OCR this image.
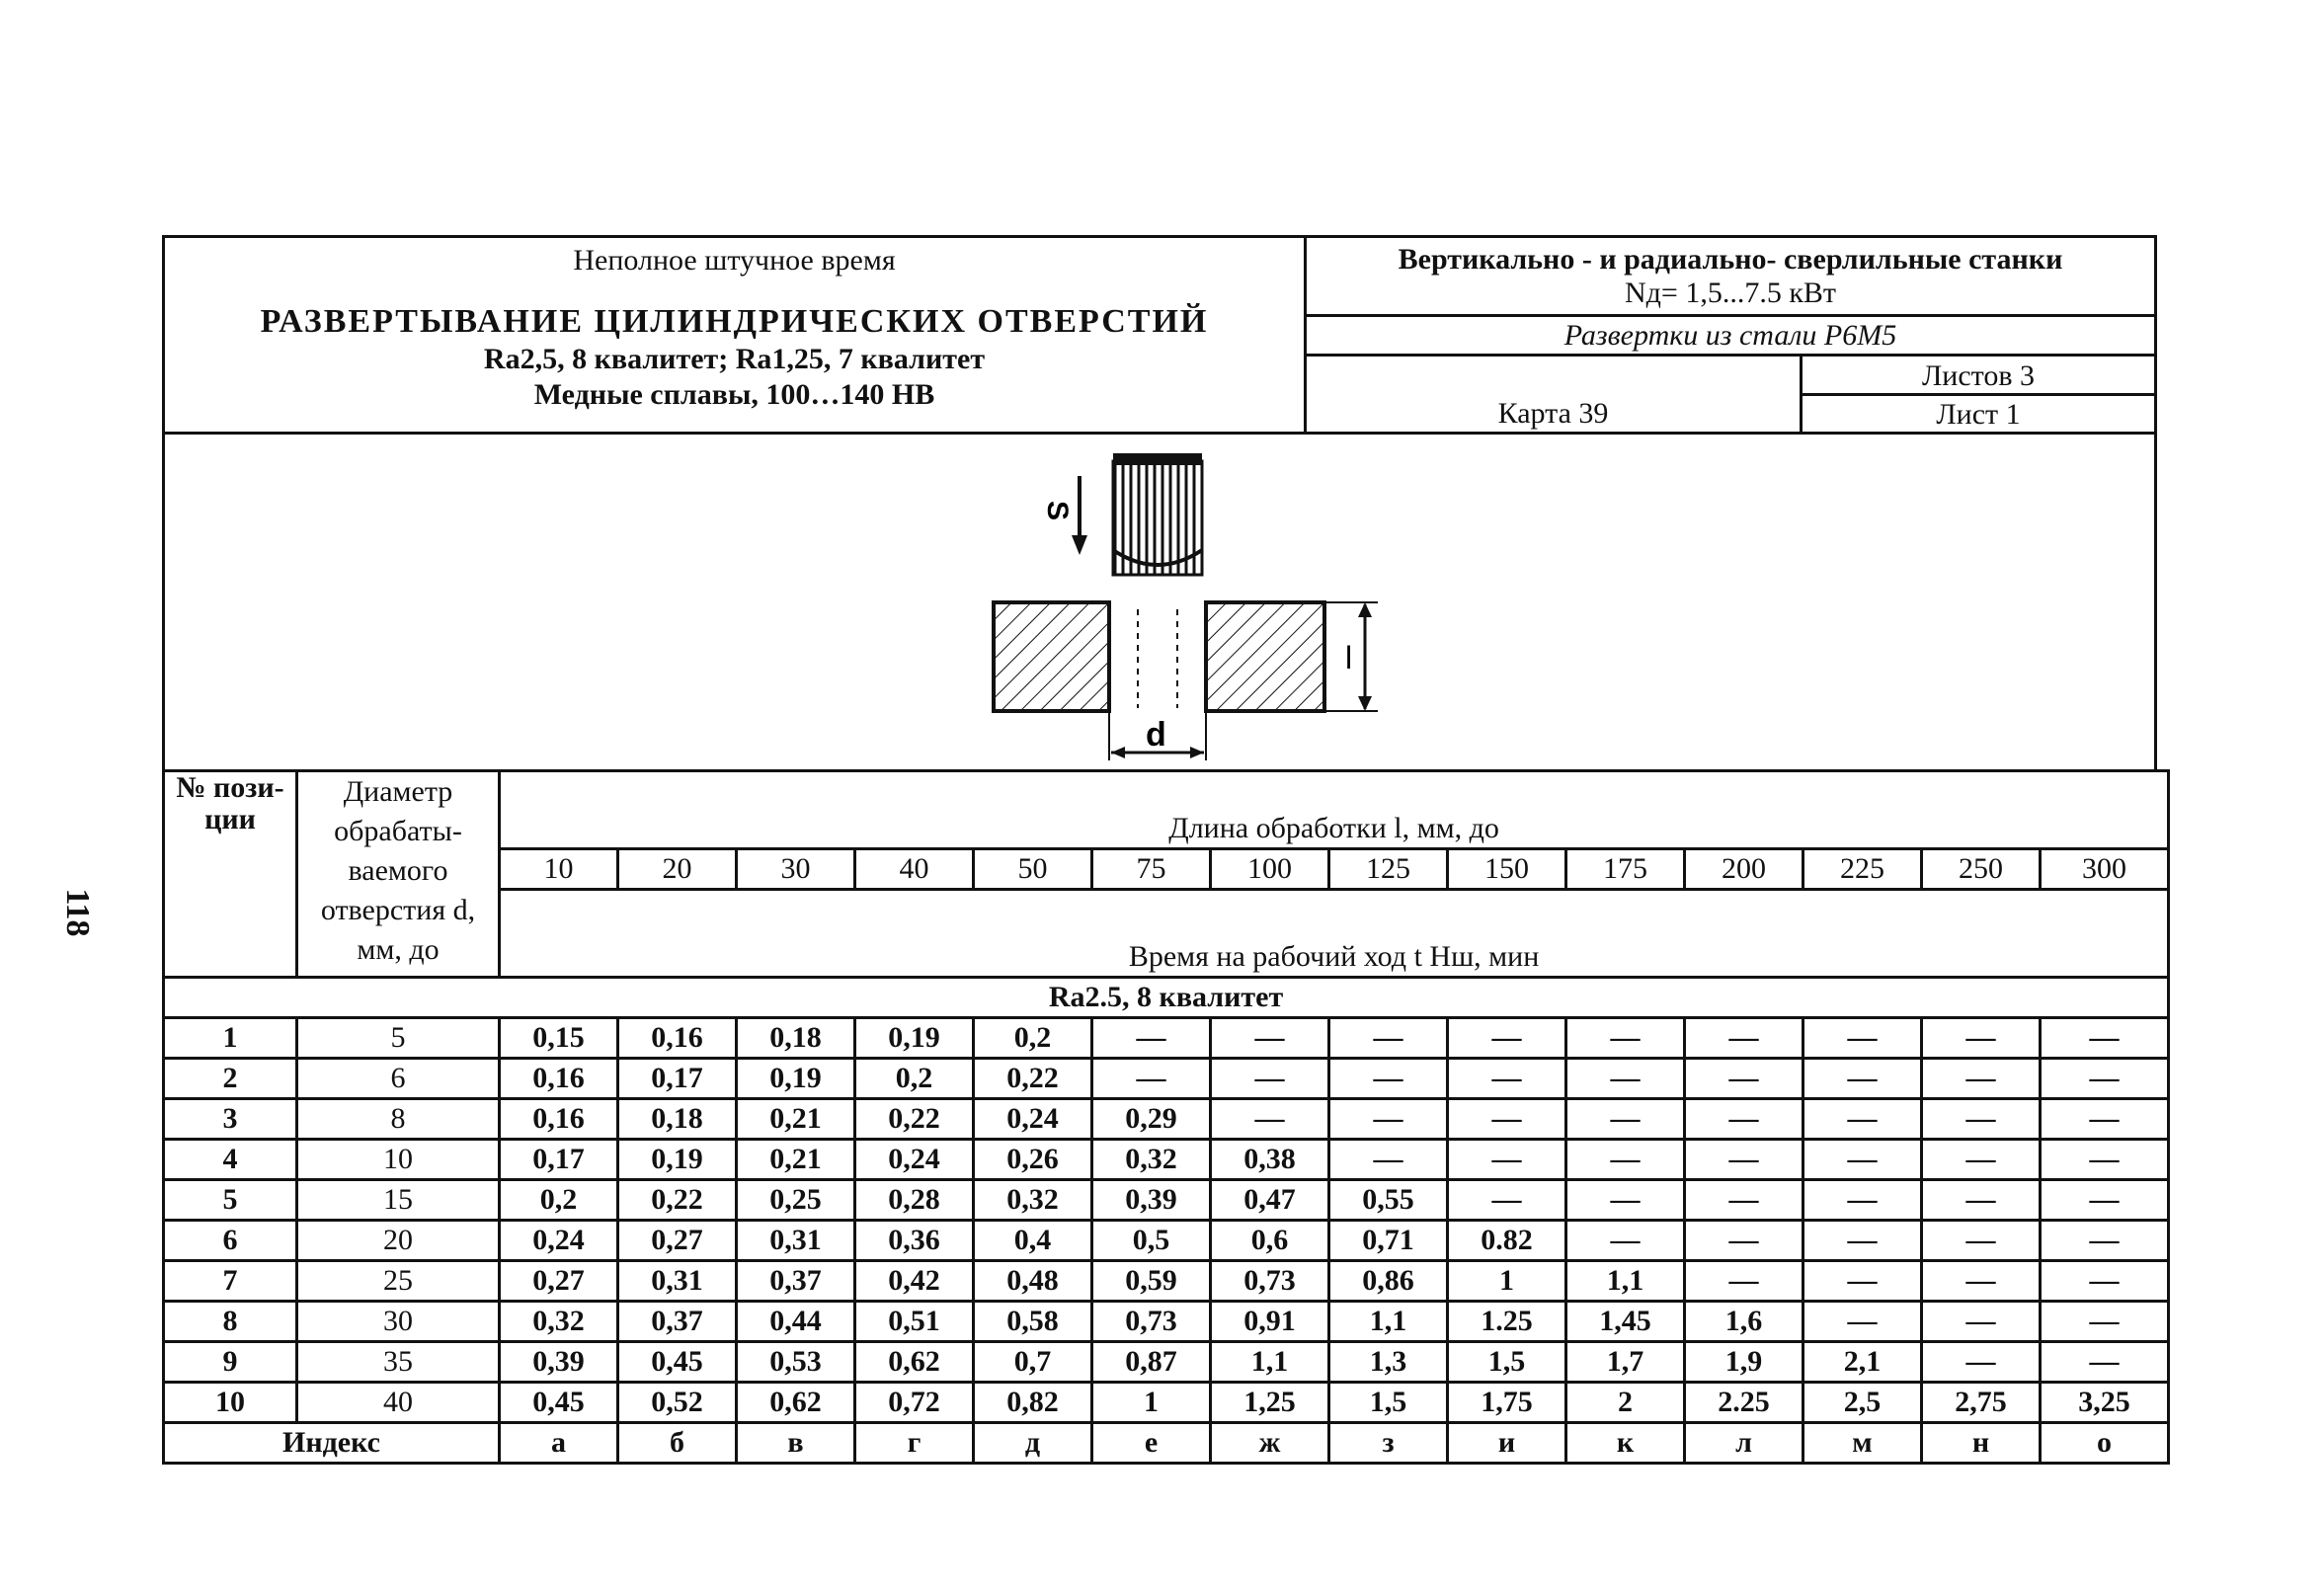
118
Неполное штучное время
РАЗВЕРТЫВАНИЕ ЦИЛИНДРИЧЕСКИХ ОТВЕРСТИЙ
Ra2,5, 8 квалитет; Ra1,25, 7 квалитет
Медные сплавы, 100…140 НВ
Вертикально - и радиально- сверлильные станки
Nд= 1,5...7.5 кВт
Развертки из стали Р6М5
Карта 39
Листов 3
Лист 1
S
l
d
№ пози- ции	Диаметр обрабаты- ваемого отверстия d, мм, до	Длина обработки l, мм, до													
		10	20	30	40	50	75	100	125	150	175	200	225	250	300
		Время на рабочий ход t Нш, мин													
Ra2.5, 8 квалитет															
1	5	0,15	0,16	0,18	0,19	0,2	—	—	—	—	—	—	—	—	—
2	6	0,16	0,17	0,19	0,2	0,22	—	—	—	—	—	—	—	—	—
3	8	0,16	0,18	0,21	0,22	0,24	0,29	—	—	—	—	—	—	—	—
4	10	0,17	0,19	0,21	0,24	0,26	0,32	0,38	—	—	—	—	—	—	—
5	15	0,2	0,22	0,25	0,28	0,32	0,39	0,47	0,55	—	—	—	—	—	—
6	20	0,24	0,27	0,31	0,36	0,4	0,5	0,6	0,71	0.82	—	—	—	—	—
7	25	0,27	0,31	0,37	0,42	0,48	0,59	0,73	0,86	1	1,1	—	—	—	—
8	30	0,32	0,37	0,44	0,51	0,58	0,73	0,91	1,1	1.25	1,45	1,6	—	—	—
9	35	0,39	0,45	0,53	0,62	0,7	0,87	1,1	1,3	1,5	1,7	1,9	2,1	—	—
10	40	0,45	0,52	0,62	0,72	0,82	1	1,25	1,5	1,75	2	2.25	2,5	2,75	3,25
Индекс		а	б	в	г	д	е	ж	з	и	к	л	м	н	о
